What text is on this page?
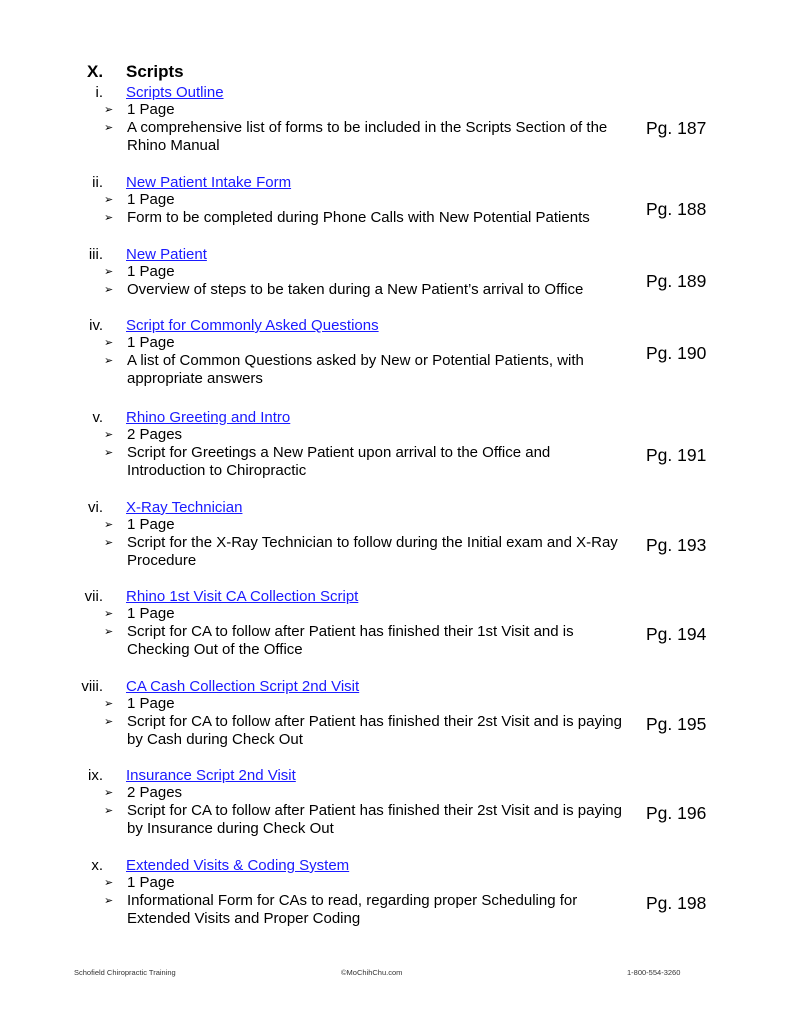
X. Scripts
i. Scripts Outline
➢ 1 Page
➢ A comprehensive list of forms to be included in the Scripts Section of the Rhino Manual
Pg. 187
ii. New Patient Intake Form
➢ 1 Page
➢ Form to be completed during Phone Calls with New Potential Patients	Pg. 188
iii. New Patient
➢ 1 Page
➢ Overview of steps to be taken during a New Patient’s arrival to Office	Pg. 189
iv. Script for Commonly Asked Questions
➢ 1 Page
➢ A list of Common Questions asked by New or Potential Patients, with appropriate answers
Pg. 190
v. Rhino Greeting and Intro
➢ 2 Pages
➢ Script for Greetings a New Patient upon arrival to the Office and Introduction to Chiropractic
Pg. 191
vi. X-Ray Technician
➢ 1 Page
➢ Script for the X-Ray Technician to follow during the Initial exam and X-Ray Procedure
Pg. 193
vii. Rhino 1st Visit CA Collection Script
➢ 1 Page
➢ Script for CA to follow after Patient has finished their 1st Visit and is Checking Out of the Office
Pg. 194
viii. CA Cash Collection Script 2nd Visit
➢ 1 Page
➢ Script for CA to follow after Patient has finished their 2st Visit and is paying by Cash during Check Out
Pg. 195
ix. Insurance Script 2nd Visit
➢ 2 Pages
➢ Script for CA to follow after Patient has finished their 2st Visit and is paying by Insurance during Check Out
Pg. 196
x. Extended Visits & Coding System
➢ 1 Page
➢ Informational Form for CAs to read, regarding proper Scheduling for Extended Visits and Proper Coding
Pg. 198
Schofield Chiropractic Training	©MoChihChu.com	1-800-554-3260
